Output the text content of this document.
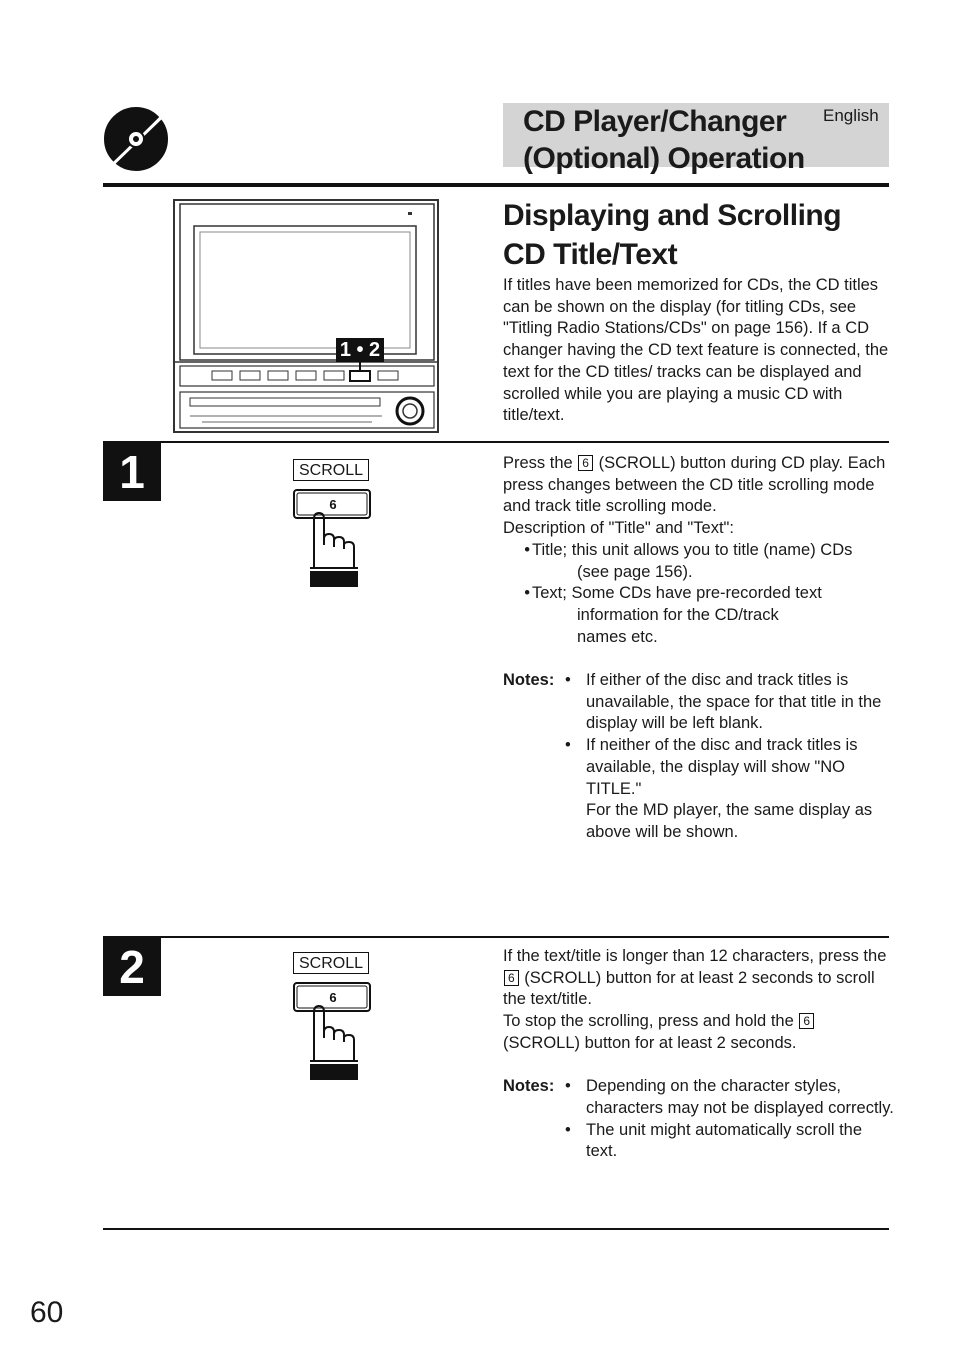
CD Player/Changer
(Optional) Operation
English
1 • 2
Displaying and Scrolling
CD Title/Text

If titles have been memorized for CDs, the CD titles can be shown on the display (for titling CDs, see "Titling Radio Stations/CDs" on page 156). If a CD changer having the CD text feature is connected, the text for the CD titles/ tracks can be displayed and scrolled while you are playing a music CD with title/text.

1	SCROLL
6

Press the 6 (SCROLL) button during CD play. Each press changes between the CD title scrolling mode and track title scrolling mode.

Description of "Title" and "Text":

• Title;
this unit allows you to title (name) CDs

(see page 156).

• Text;
Some CDs have pre-recorded text

information for the CD/track names etc.

Notes: • If either of the disc and track titles is unavailable, the space for that title in the display will be left blank.
• If neither of the disc and track titles is available, the display will show "NO TITLE."
For the MD player, the same display as above will be shown.
2	SCROLL
6

If the text/title is longer than 12 characters, press the 6 (SCROLL) button for at least 2 seconds to scroll the text/title.

To stop the scrolling, press and hold the 6 (SCROLL) button for at least 2 seconds.

Notes: • Depending on the character styles, characters may not be displayed correctly.
• The unit might automatically scroll the text.
60
